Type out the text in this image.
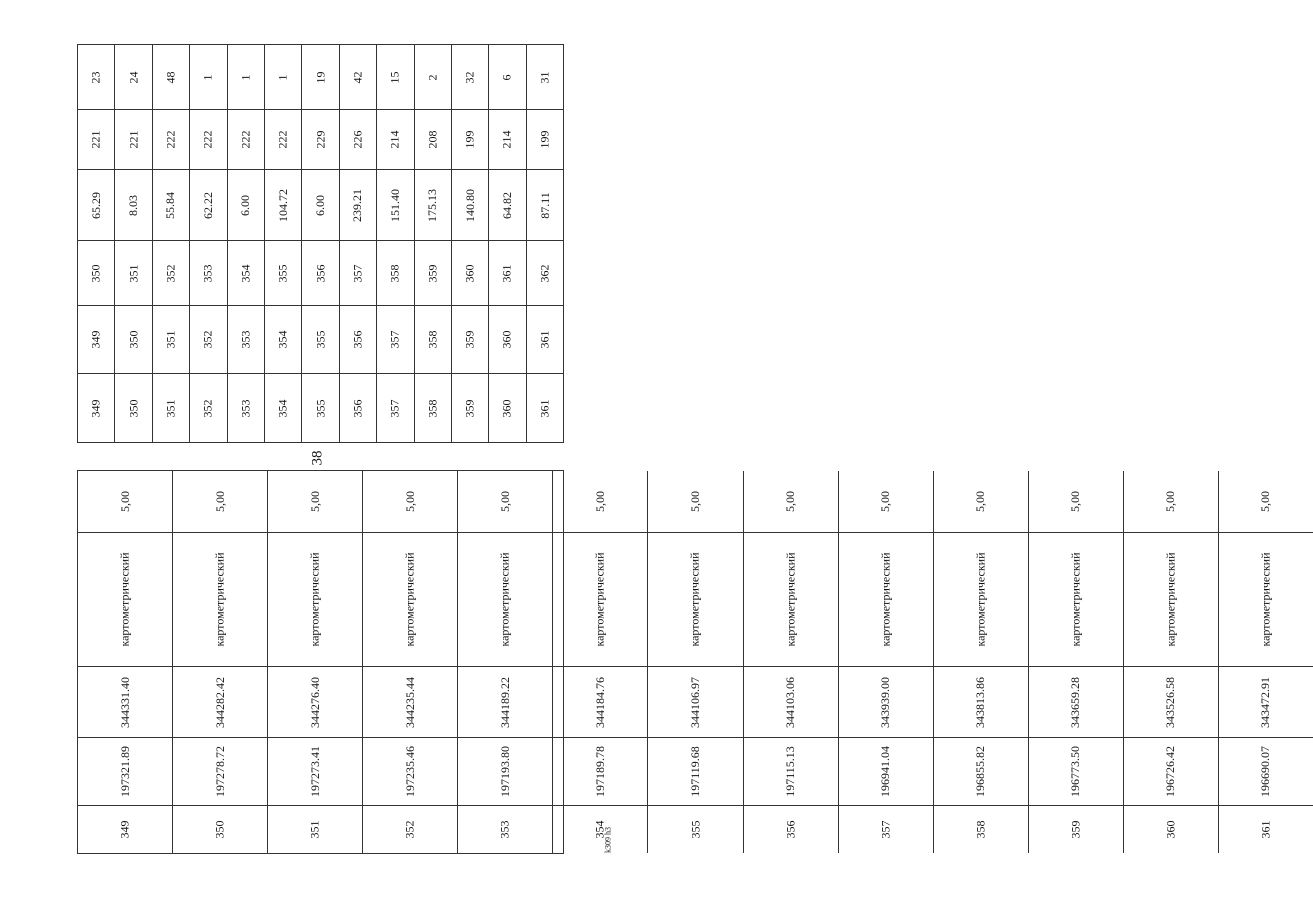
38
k309 h3
5,00
картометрический
344331.40
197321.89
349
5,00
картометрический
344282.42
197278.72
350
5,00
картометрический
344276.40
197273.41
351
5,00
картометрический
344235.44
197235.46
352
5,00
картометрический
344189.22
197193.80
353
5,00
картометрический
344184.76
197189.78
354
5,00
картометрический
344106.97
197119.68
355
5,00
картометрический
344103.06
197115.13
356
5,00
картометрический
343939.00
196941.04
357
5,00
картометрический
343813.86
196855.82
358
5,00
картометрический
343659.28
196773.50
359
5,00
картометрический
343526.58
196726.42
360
5,00
картометрический
343472.91
196690.07
361
23
221
65.29
350
349
349
24
221
8.03
351
350
350
48
222
55.84
352
351
351
1
222
62.22
353
352
352
1
222
6.00
354
353
353
1
222
104.72
355
354
354
19
229
6.00
356
355
355
42
226
239.21
357
356
356
15
214
151.40
358
357
357
2
208
175.13
359
358
358
32
199
140.80
360
359
359
6
214
64.82
361
360
360
31
199
87.11
362
361
361
